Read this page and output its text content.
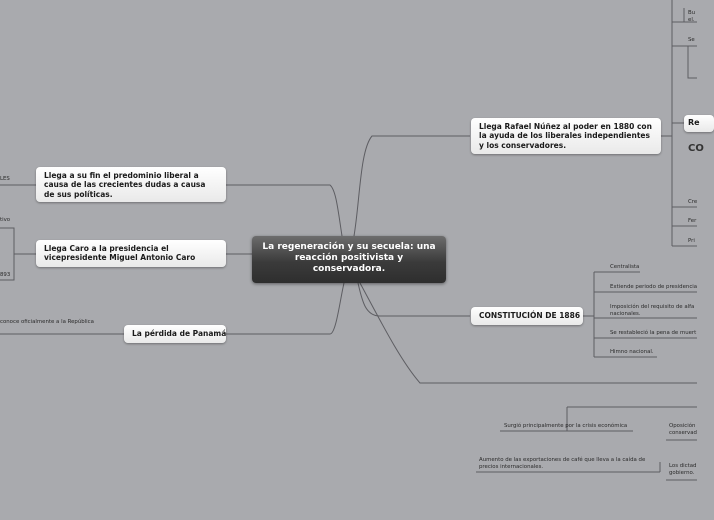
La regeneración y su secuela: una reacción positivista y conservadora.
Llega Rafael Núñez al poder en 1880 con la ayuda de los liberales independientes y los conservadores.
CONSTITUCIÓN DE 1886
Llega a su fin el predominio liberal a causa de las crecientes dudas a causa de sus políticas.
Llega Caro a la presidencia el vicepresidente Miguel Antonio Caro
La pérdida de Panamá
Centralista
Extiende periodo de presidencia
Imposición del requisito de alfa nacionales.
Se restableció la pena de muert
Himno nacional.
Surgió principalmente por la crisis económica
Aumento de las exportaciones de café que lleva a la caída de precios internacionales.
Oposición conservad
Los dictad gobierno.
Bu el.
Se
Re
CO
Cre
Fer
Pri
LES
tivo
893
conoce oficialmente a la República
